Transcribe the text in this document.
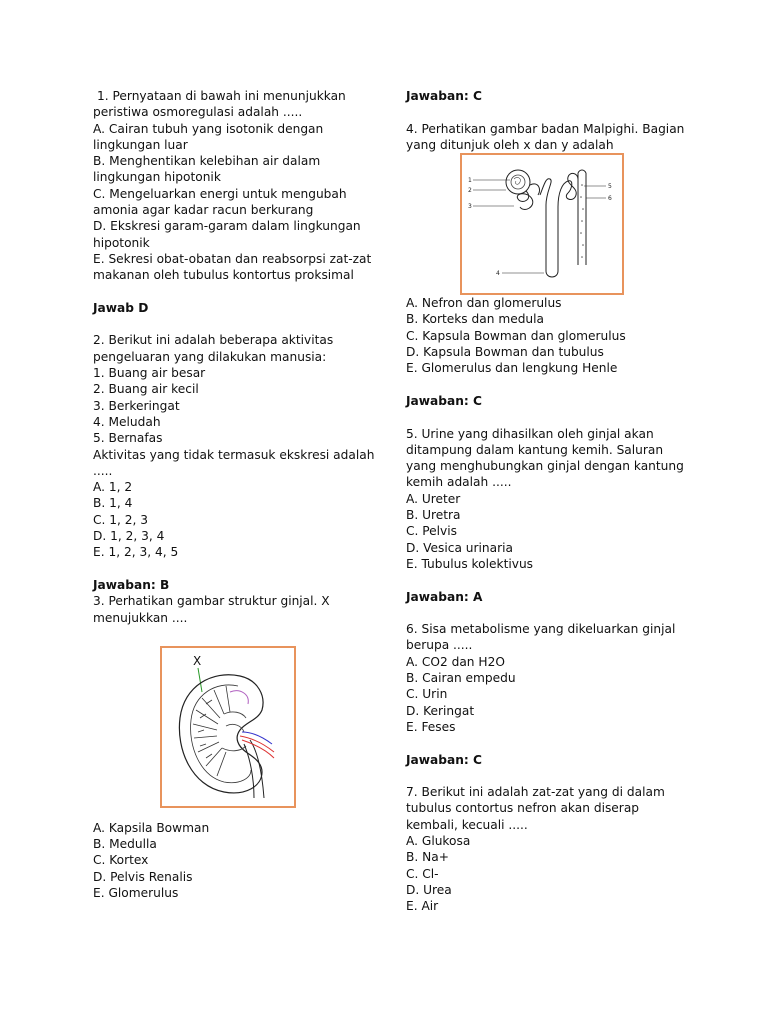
1. Pernyataan di bawah ini menunjukkan
peristiwa osmoregulasi adalah .....
A. Cairan tubuh yang isotonik dengan
lingkungan luar
B. Menghentikan kelebihan air dalam
lingkungan hipotonik
C. Mengeluarkan energi untuk mengubah
amonia agar kadar racun berkurang
D. Ekskresi garam-garam dalam lingkungan
hipotonik
E. Sekresi obat-obatan dan reabsorpsi zat-zat
makanan oleh tubulus kontortus proksimal
Jawab D
2. Berikut ini adalah beberapa aktivitas
pengeluaran yang dilakukan manusia:
1. Buang air besar
2. Buang air kecil
3. Berkeringat
4. Meludah
5. Bernafas
Aktivitas yang tidak termasuk ekskresi adalah
.....
A. 1, 2
B. 1, 4
C. 1, 2, 3
D. 1, 2, 3, 4
E. 1, 2, 3, 4, 5
Jawaban: B
3. Perhatikan gambar struktur ginjal. X
menujukkan ....
X
A. Kapsila Bowman
B. Medulla
C. Kortex
D. Pelvis Renalis
E. Glomerulus
Jawaban: C
4. Perhatikan gambar badan Malpighi. Bagian
yang ditunjuk oleh x dan y adalah
1
2
3
4
5
6
A. Nefron dan glomerulus
B. Korteks dan medula
C. Kapsula Bowman dan glomerulus
D. Kapsula Bowman dan tubulus
E. Glomerulus dan lengkung Henle
Jawaban: C
5. Urine yang dihasilkan oleh ginjal akan
ditampung dalam kantung kemih. Saluran
yang menghubungkan ginjal dengan kantung
kemih adalah .....
A. Ureter
B. Uretra
C. Pelvis
D. Vesica urinaria
E. Tubulus kolektivus
Jawaban: A
6. Sisa metabolisme yang dikeluarkan ginjal
berupa .....
A. CO2 dan H2O
B. Cairan empedu
C. Urin
D. Keringat
E. Feses
Jawaban: C
7. Berikut ini adalah zat-zat yang di dalam
tubulus contortus nefron akan diserap
kembali, kecuali .....
A. Glukosa
B. Na+
C. Cl-
D. Urea
E. Air
